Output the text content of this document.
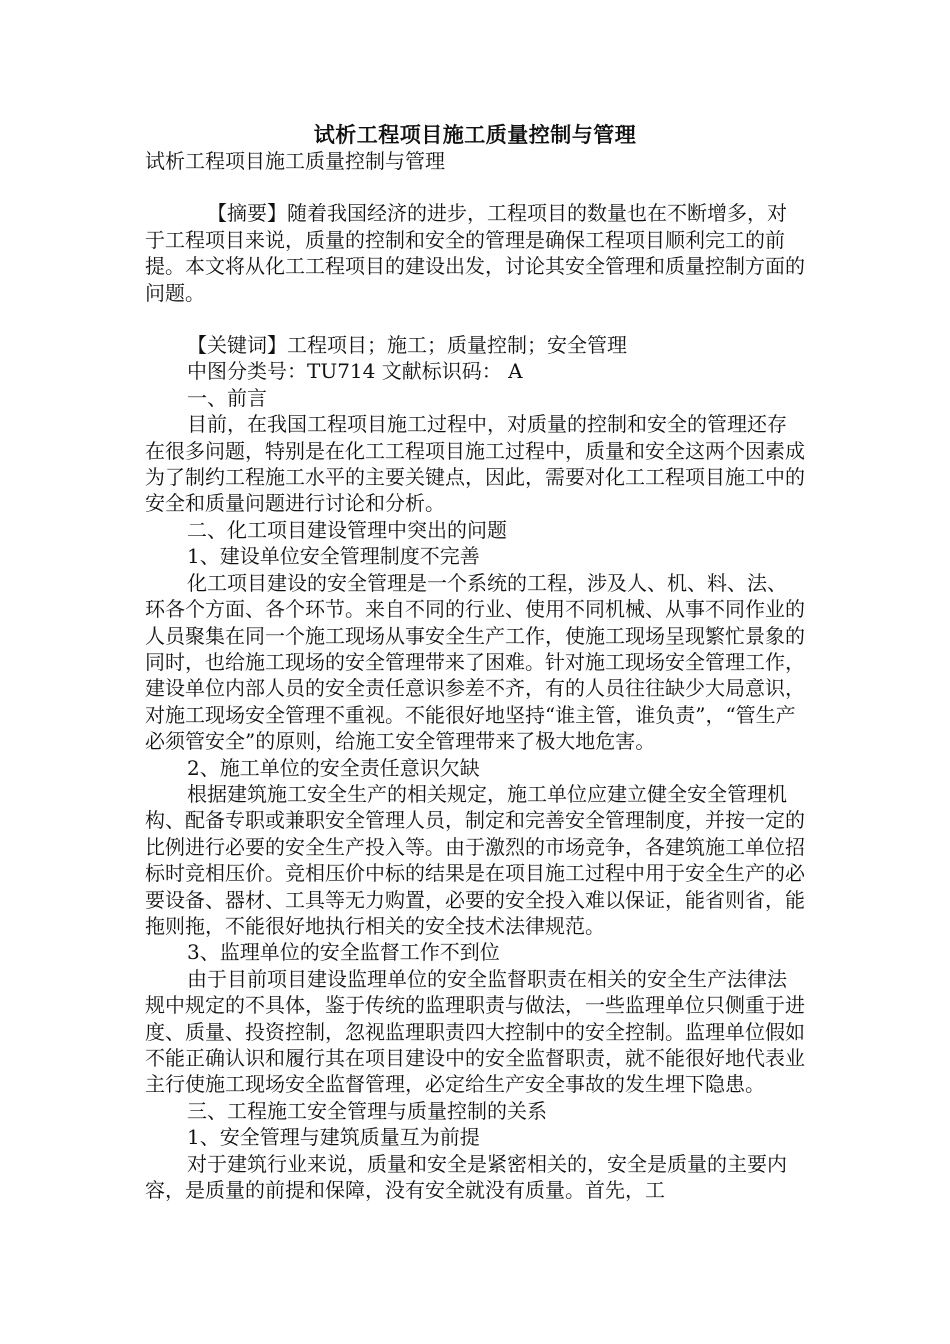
试析工程项目施工质量控制与管理

试析工程项目施工质量控制与管理

【摘要】随着我国经济的进步，工程项目的数量也在不断增多，对于工程项目来说，质量的控制和安全的管理是确保工程项目顺利完工的前提。本文将从化工工程项目的建设出发，讨论其安全管理和质量控制方面的问题。

【关键词】工程项目；施工；质量控制；安全管理

中图分类号：TU714 文献标识码： A

一、前言

目前，在我国工程项目施工过程中，对质量的控制和安全的管理还存在很多问题，特别是在化工工程项目施工过程中，质量和安全这两个因素成为了制约工程施工水平的主要关键点，因此，需要对化工工程项目施工中的安全和质量问题进行讨论和分析。

二、化工项目建设管理中突出的问题

1、建设单位安全管理制度不完善

化工项目建设的安全管理是一个系统的工程，涉及人、机、料、法、环各个方面、各个环节。来自不同的行业、使用不同机械、从事不同作业的人员聚集在同一个施工现场从事安全生产工作，使施工现场呈现繁忙景象的同时，也给施工现场的安全管理带来了困难。针对施工现场安全管理工作，建设单位内部人员的安全责任意识参差不齐，有的人员往往缺少大局意识，对施工现场安全管理不重视。不能很好地坚持“谁主管，谁负责”，“管生产必须管安全”的原则，给施工安全管理带来了极大地危害。

2、施工单位的安全责任意识欠缺

根据建筑施工安全生产的相关规定，施工单位应建立健全安全管理机构、配备专职或兼职安全管理人员，制定和完善安全管理制度，并按一定的比例进行必要的安全生产投入等。由于激烈的市场竞争，各建筑施工单位招标时竞相压价。竞相压价中标的结果是在项目施工过程中用于安全生产的必要设备、器材、工具等无力购置，必要的安全投入难以保证，能省则省，能拖则拖，不能很好地执行相关的安全技术法律规范。

3、监理单位的安全监督工作不到位

由于目前项目建设监理单位的安全监督职责在相关的安全生产法律法规中规定的不具体，鉴于传统的监理职责与做法，一些监理单位只侧重于进度、质量、投资控制，忽视监理职责四大控制中的安全控制。监理单位假如不能正确认识和履行其在项目建设中的安全监督职责，就不能很好地代表业主行使施工现场安全监督管理，必定给生产安全事故的发生埋下隐患。

三、工程施工安全管理与质量控制的关系

1、安全管理与建筑质量互为前提

对于建筑行业来说，质量和安全是紧密相关的，安全是质量的主要内容，是质量的前提和保障，没有安全就没有质量。首先，工
